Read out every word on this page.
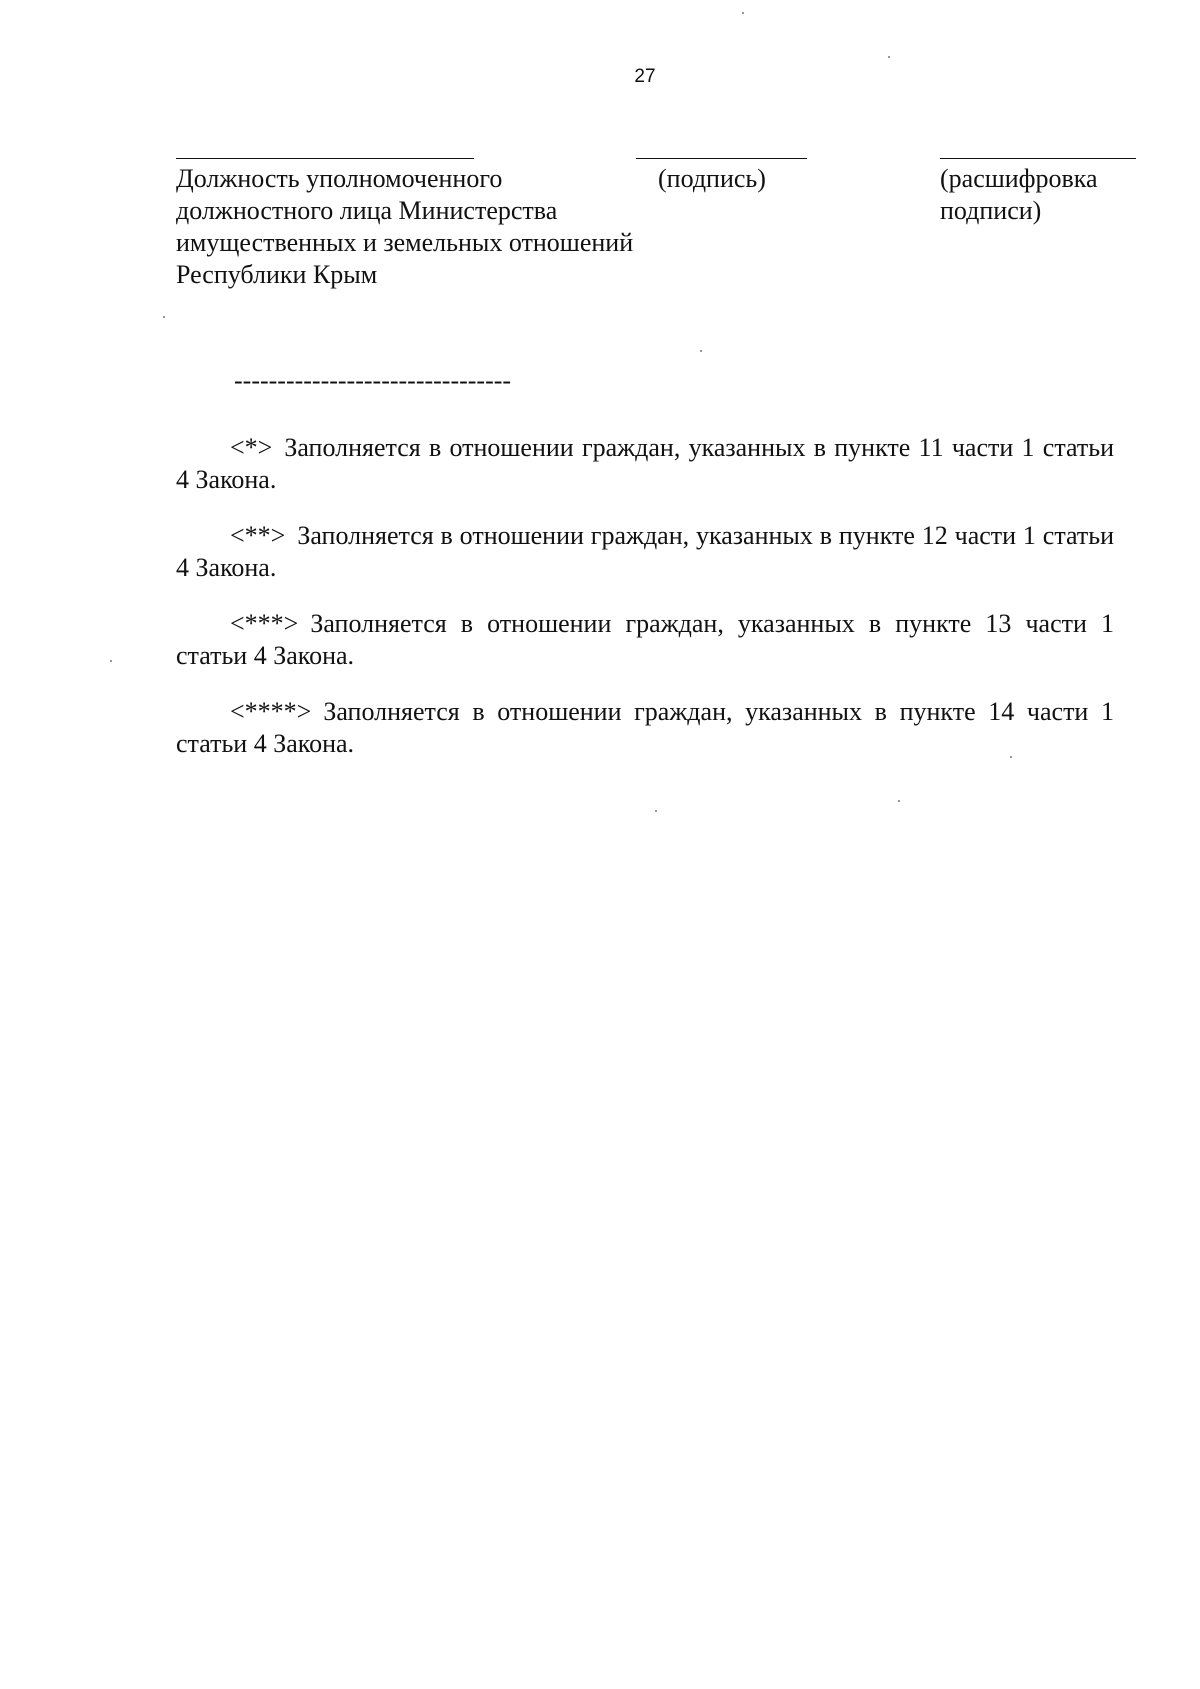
27
Должность уполномоченного должностного лица Министерства имущественных и земельных отношений Республики Крым
(подпись)	(расшифровка подписи)
--------------------------------

<*> Заполняется в отношении граждан, указанных в пункте 11 части 1 статьи 4 Закона.

<**> Заполняется в отношении граждан, указанных в пункте 12 части 1 статьи 4 Закона.

<***> Заполняется в отношении граждан, указанных в пункте 13 части 1 статьи 4 Закона.

<****> Заполняется в отношении граждан, указанных в пункте 14 части 1 статьи 4 Закона.
